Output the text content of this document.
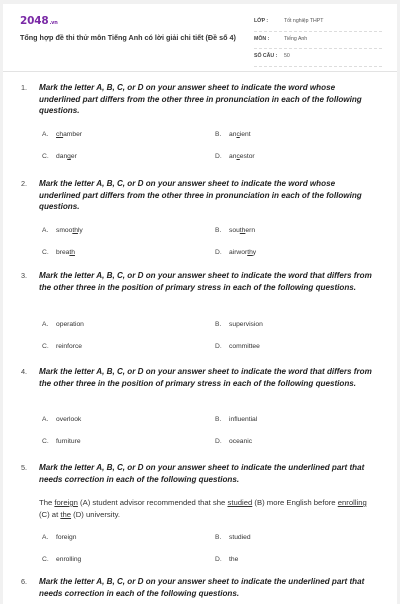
2048.vn
Tổng hợp đề thi thử môn Tiếng Anh có lời giải chi tiết (Đề số 4)
LỚP :	Tốt nghiệp THPT
MÔN :	Tiếng Anh
SỐ CÂU :	50
1. Mark the letter A, B, C, or D on your answer sheet to indicate the word whose underlined part differs from the other three in pronunciation in each of the following questions.
A. chamber	B. ancient
C. danger	D. ancestor
2. Mark the letter A, B, C, or D on your answer sheet to indicate the word whose underlined part differs from the other three in pronunciation in each of the following questions.
A. smoothly	B. southern
C. breath	D. airworthy
3. Mark the letter A, B, C, or D on your answer sheet to indicate the word that differs from the other three in the position of primary stress in each of the following questions.
A. operation	B. supervision
C. reinforce	D. committee
4. Mark the letter A, B, C, or D on your answer sheet to indicate the word that differs from the other three in the position of primary stress in each of the following questions.
A. overlook	B. influential
C. furniture	D. oceanic
5. Mark the letter A, B, C, or D on your answer sheet to indicate the underlined part that needs correction in each of the following questions.
The foreign (A) student advisor recommended that she studied (B) more English before enrolling (C) at the (D) university.
A. foreign	B. studied
C. enrolling	D. the
6. Mark the letter A, B, C, or D on your answer sheet to indicate the underlined part that needs correction in each of the following questions.
